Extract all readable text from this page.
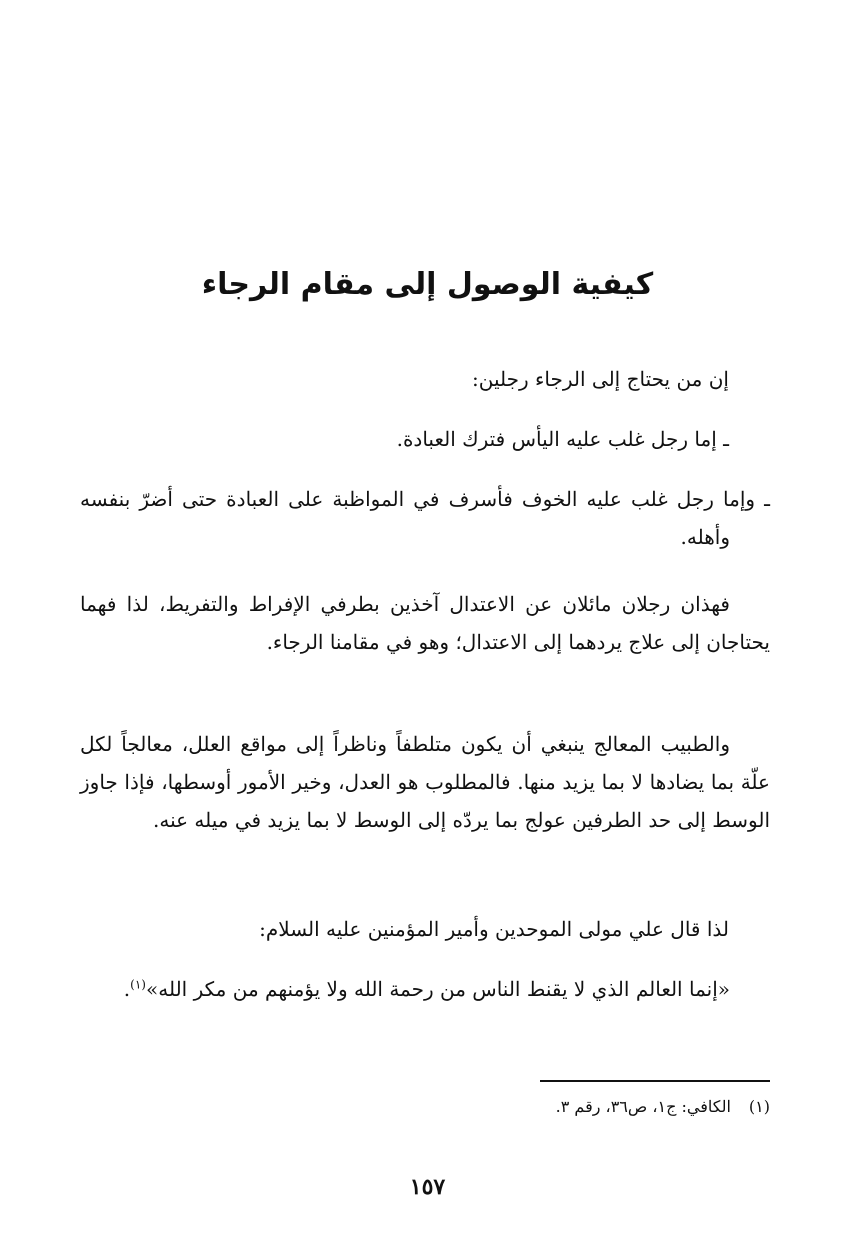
كيفية الوصول إلى مقام الرجاء

إن من يحتاج إلى الرجاء رجلين:

ـ إما رجل غلب عليه اليأس فترك العبادة.

ـ وإما رجل غلب عليه الخوف فأسرف في المواظبة على العبادة حتى أضرّ بنفسه وأهله.

فهذان رجلان مائلان عن الاعتدال آخذين بطرفي الإفراط والتفريط، لذا فهما يحتاجان إلى علاج يردهما إلى الاعتدال؛ وهو في مقامنا الرجاء.

والطبيب المعالج ينبغي أن يكون متلطفاً وناظراً إلى مواقع العلل، معالجاً لكل علّة بما يضادها لا بما يزيد منها. فالمطلوب هو العدل، وخير الأمور أوسطها، فإذا جاوز الوسط إلى حد الطرفين عولج بما يردّه إلى الوسط لا بما يزيد في ميله عنه.

لذا قال علي مولى الموحدين وأمير المؤمنين عليه السلام:

«إنما العالم الذي لا يقنط الناس من رحمة الله ولا يؤمنهم من مكر الله»$^{(١)}$.

(١)الكافي: ج١، ص٣٦، رقم ٣.

١٥٧
